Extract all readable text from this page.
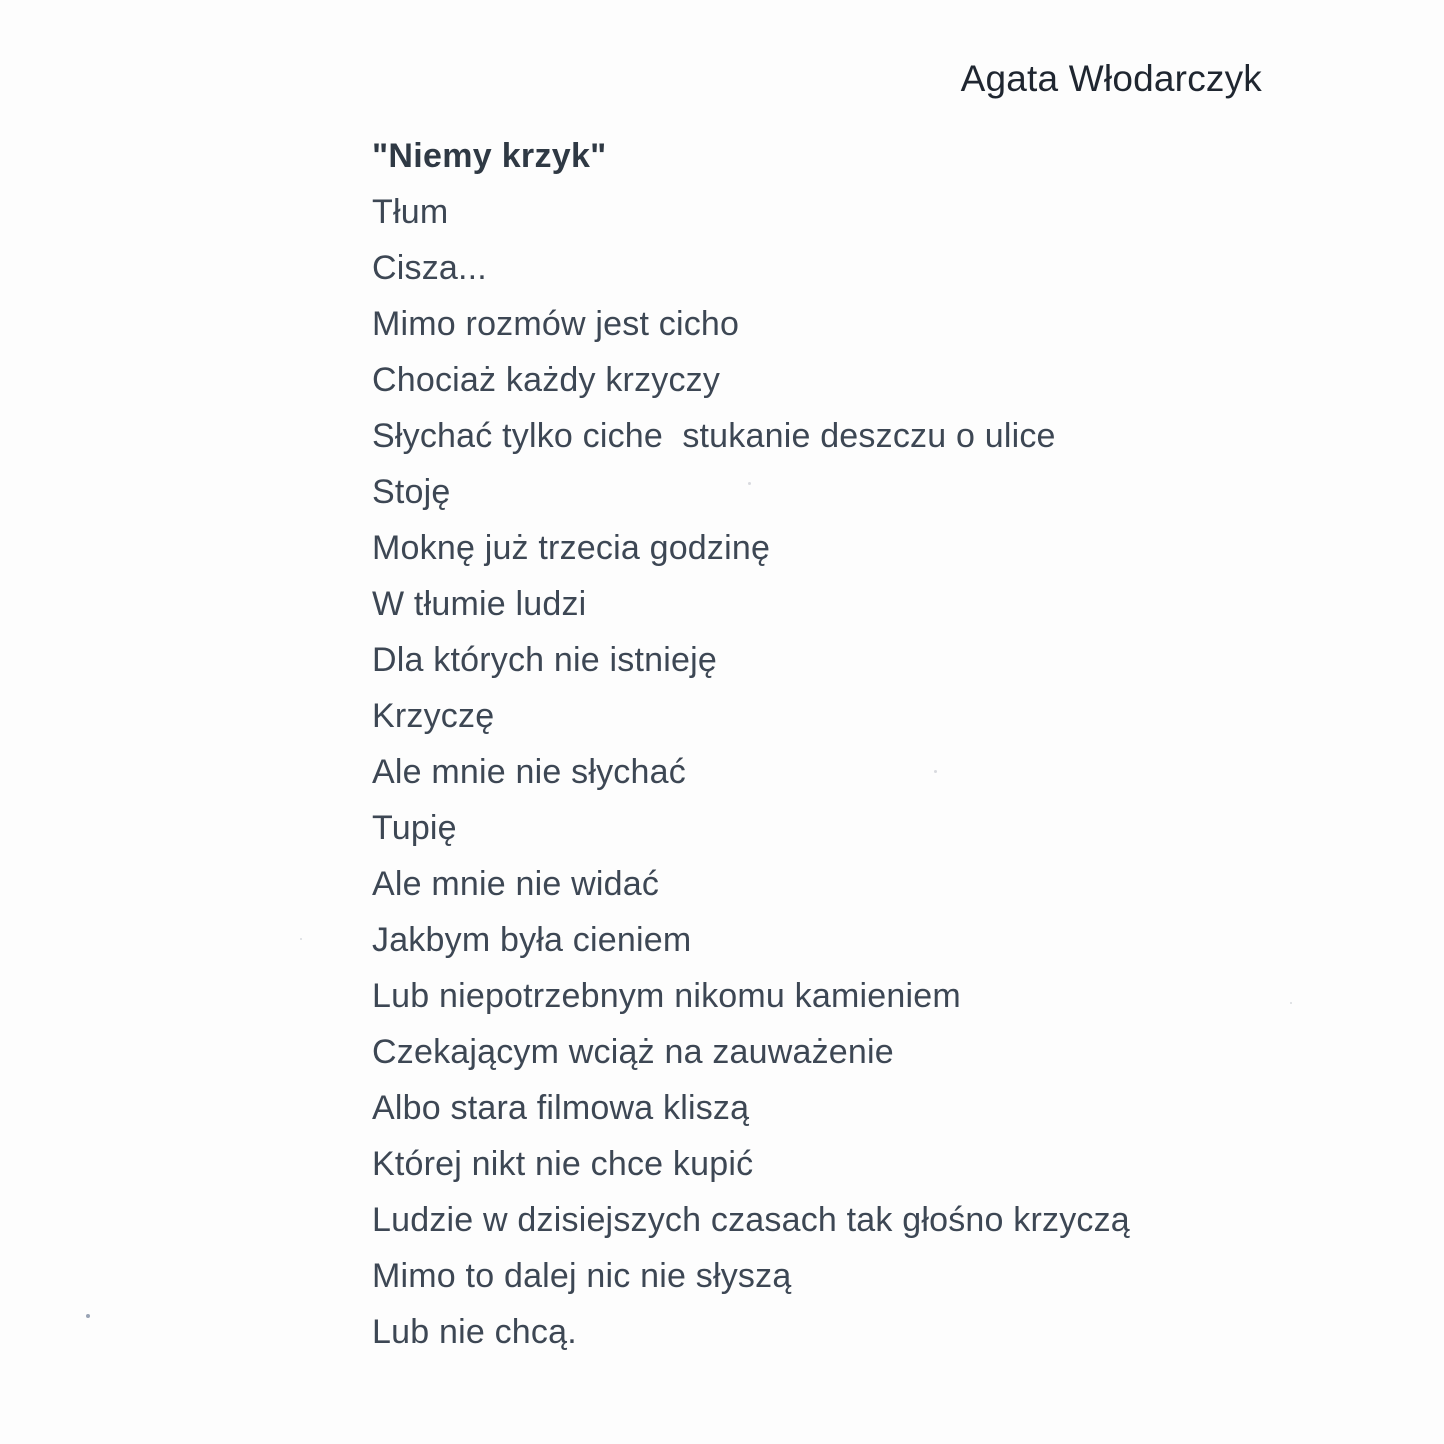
Agata Włodarczyk
"Niemy krzyk"
Tłum
Cisza...
Mimo rozmów jest cicho
Chociaż każdy krzyczy
Słychać tylko ciche  stukanie deszczu o ulice
Stoję
Moknę już trzecia godzinę
W tłumie ludzi
Dla których nie istnieję
Krzyczę
Ale mnie nie słychać
Tupię
Ale mnie nie widać
Jakbym była cieniem
Lub niepotrzebnym nikomu kamieniem
Czekającym wciąż na zauważenie
Albo stara filmowa kliszą
Której nikt nie chce kupić
Ludzie w dzisiejszych czasach tak głośno krzyczą
Mimo to dalej nic nie słyszą
Lub nie chcą.
